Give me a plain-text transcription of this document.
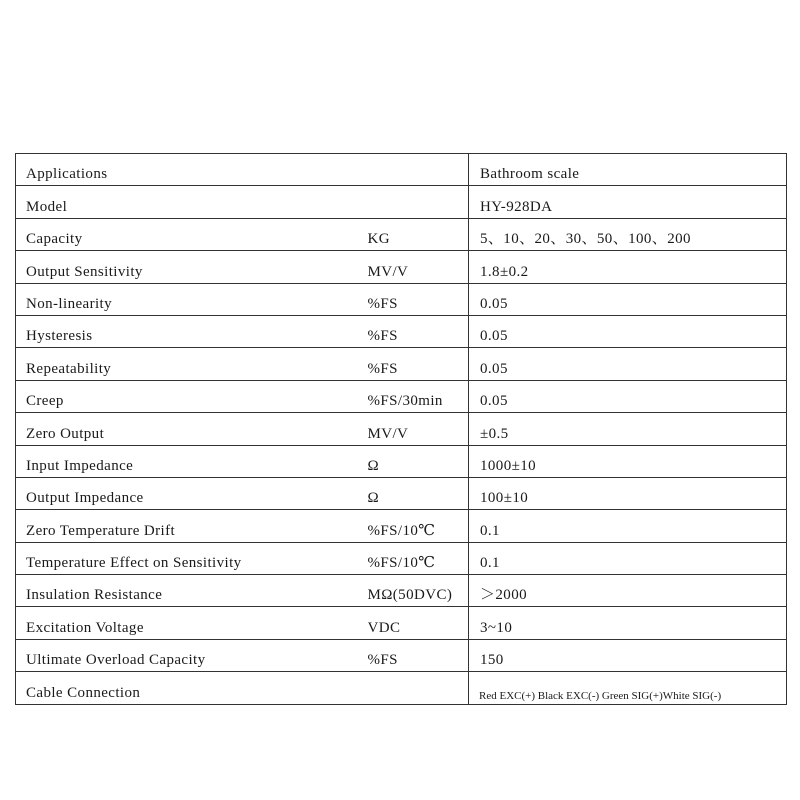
Applications		Bathroom scale
Model		HY-928DA
Capacity	KG	5、10、20、30、50、100、200
Output Sensitivity	MV/V	1.8±0.2
Non-linearity	%FS	0.05
Hysteresis	%FS	0.05
Repeatability	%FS	0.05
Creep	%FS/30min	0.05
Zero Output	MV/V	±0.5
Input Impedance	Ω	1000±10
Output Impedance	Ω	100±10
Zero Temperature Drift	%FS/10℃	0.1
Temperature Effect on Sensitivity	%FS/10℃	0.1
Insulation Resistance	MΩ(50DVC)	＞2000
Excitation Voltage	VDC	3~10
Ultimate Overload Capacity	%FS	150
Cable Connection		Red EXC(+) Black EXC(-) Green SIG(+)White SIG(-)
